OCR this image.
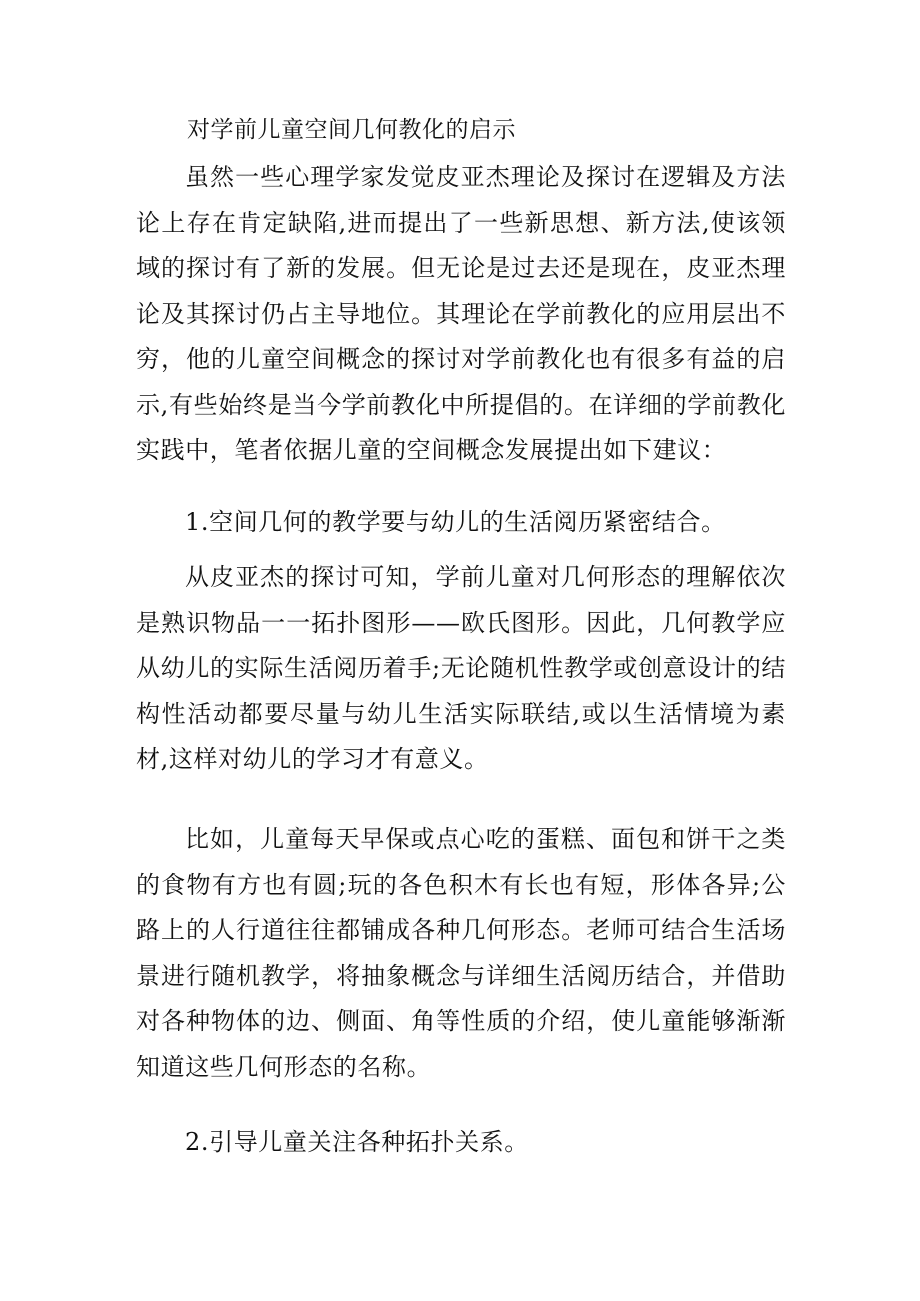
对学前儿童空间几何教化的启示

虽然一些心理学家发觉皮亚杰理论及探讨在逻辑及方法论上存在肯定缺陷,进而提出了一些新思想、新方法,使该领域的探讨有了新的发展。但无论是过去还是现在，皮亚杰理论及其探讨仍占主导地位。其理论在学前教化的应用层出不穷，他的儿童空间概念的探讨对学前教化也有很多有益的启示,有些始终是当今学前教化中所提倡的。在详细的学前教化实践中，笔者依据儿童的空间概念发展提出如下建议：

1.空间几何的教学要与幼儿的生活阅历紧密结合。

从皮亚杰的探讨可知，学前儿童对几何形态的理解依次是熟识物品一一拓扑图形——欧氏图形。因此，几何教学应从幼儿的实际生活阅历着手;无论随机性教学或创意设计的结构性活动都要尽量与幼儿生活实际联结,或以生活情境为素材,这样对幼儿的学习才有意义。

比如，儿童每天早保或点心吃的蛋糕、面包和饼干之类的食物有方也有圆;玩的各色积木有长也有短，形体各异;公路上的人行道往往都铺成各种几何形态。老师可结合生活场景进行随机教学，将抽象概念与详细生活阅历结合，并借助对各种物体的边、侧面、角等性质的介绍，使儿童能够渐渐知道这些几何形态的名称。

2.引导儿童关注各种拓扑关系。
